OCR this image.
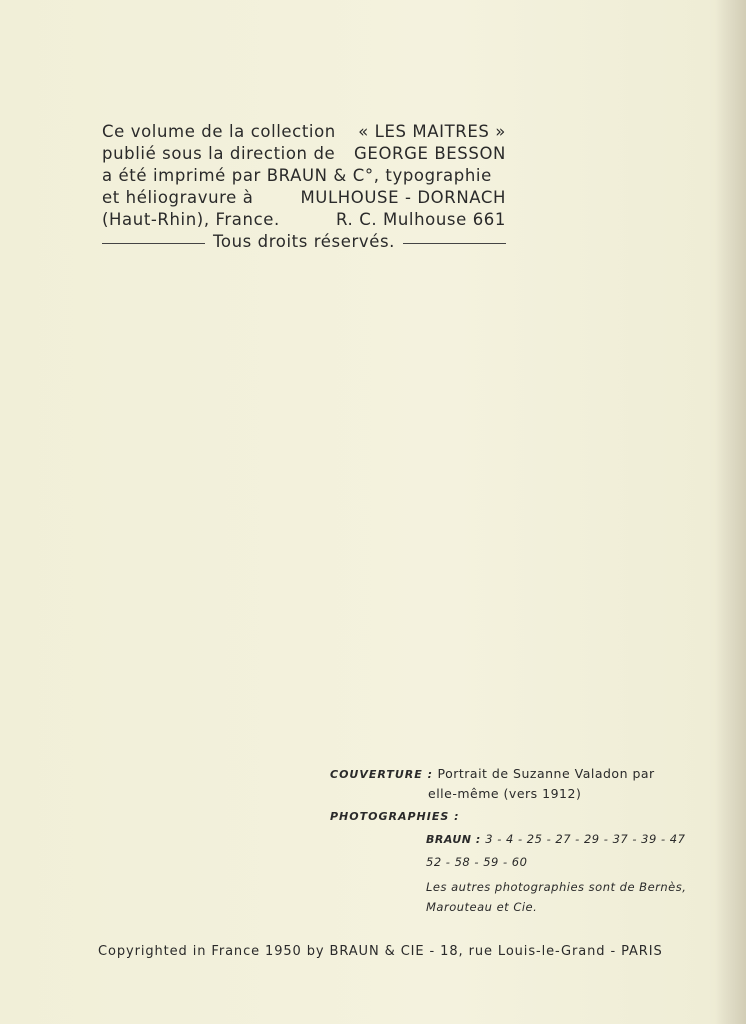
Ce volume de la collection « LES MAITRES »
publié sous la direction de GEORGE BESSON
a été imprimé par BRAUN & C°, typographie
et héliogravure à	MULHOUSE - DORNACH
(Haut-Rhin), France.	R. C. Mulhouse 661
Tous droits réservés.
COUVERTURE : Portrait de Suzanne Valadon par
elle-même (vers 1912)
PHOTOGRAPHIES :
BRAUN : 3 - 4 - 25 - 27 - 29 - 37 - 39 - 47
52 - 58 - 59 - 60
Les autres photographies sont de Bernès,
Marouteau et Cie.
Copyrighted in France 1950 by BRAUN & CIE - 18, rue Louis-le-Grand - PARIS
